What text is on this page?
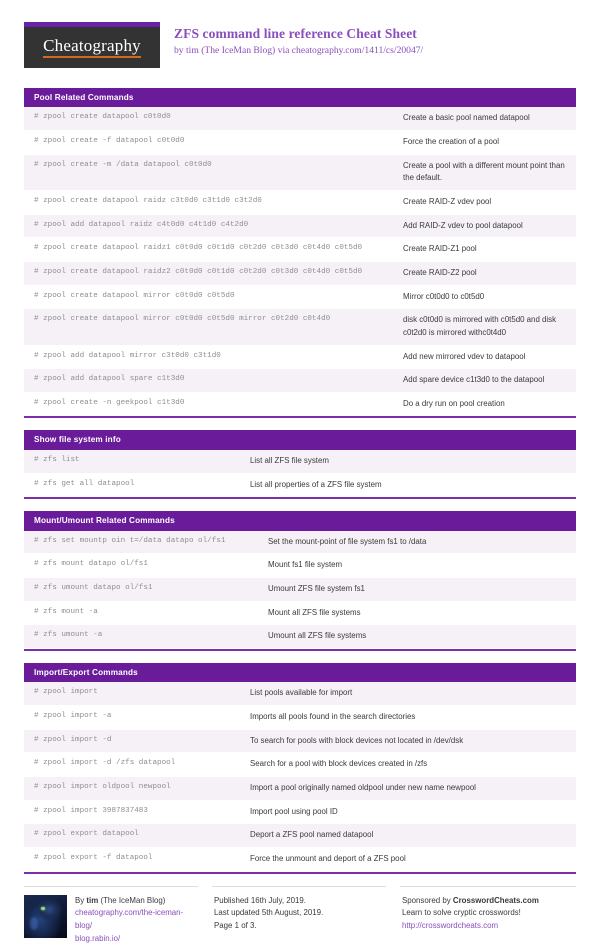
Cheatography
ZFS command line reference Cheat Sheet
by tim (The IceMan Blog) via cheatography.com/1411/cs/20047/
Pool Related Commands
# zpool create datapool c0t0d0	Create a basic pool named datapool
# zpool create -f datapool c0t0d0	Force the creation of a pool
# zpool create -m /data datapool c0t0d0	Create a pool with a different mount point than the default.
# zpool create datapool raidz c3t0d0 c3t1d0 c3t2d0	Create RAID-Z vdev pool
# zpool add datapool raidz c4t0d0 c4t1d0 c4t2d0	Add RAID-Z vdev to pool datapool
# zpool create datapool raidz1 c0t0d0 c0t1d0 c0t2d0 c0t3d0 c0t4d0 c0t5d0	Create RAID-Z1 pool
# zpool create datapool raidz2 c0t0d0 c0t1d0 c0t2d0 c0t3d0 c0t4d0 c0t5d0	Create RAID-Z2 pool
# zpool create datapool mirror c0t0d0 c0t5d0	Mirror c0t0d0 to c0t5d0
# zpool create datapool mirror c0t0d0 c0t5d0 mirror c0t2d0 c0t4d0	disk c0t0d0 is mirrored with c0t5d0 and disk c0t2d0 is mirrored withc0t4d0
# zpool add datapool mirror c3t0d0 c3t1d0	Add new mirrored vdev to datapool
# zpool add datapool spare c1t3d0	Add spare device c1t3d0 to the datapool
# zpool create -n geekpool c1t3d0	Do a dry run on pool creation
Show file system info
# zfs list	List all ZFS file system
# zfs get all datapool	List all properties of a ZFS file system
Mount/Umount Related Commands
# zfs set mountp oin t=/data datapo ol/fs1	Set the mount-point of file system fs1 to /data
# zfs mount datapo ol/fs1	Mount fs1 file system
# zfs umount datapo ol/fs1	Umount ZFS file system fs1
# zfs mount -a	Mount all ZFS file systems
# zfs umount -a	Umount all ZFS file systems
Import/Export Commands
# zpool import	List pools available for import
# zpool import -a	Imports all pools found in the search directories
# zpool import -d	To search for pools with block devices not located in /dev/dsk
# zpool import -d /zfs datapool	Search for a pool with block devices created in /zfs
# zpool import oldpool newpool	Import a pool originally named oldpool under new name newpool
# zpool import 3987837483	Import pool using pool ID
# zpool export datapool	Deport a ZFS pool named datapool
# zpool export -f datapool	Force the unmount and deport of a ZFS pool
By tim (The IceMan Blog)
cheatography.com/the-iceman-blog/
blog.rabin.io/
Published 16th July, 2019.
Last updated 5th August, 2019.
Page 1 of 3.
Sponsored by CrosswordCheats.com
Learn to solve cryptic crosswords!
http://crosswordcheats.com
